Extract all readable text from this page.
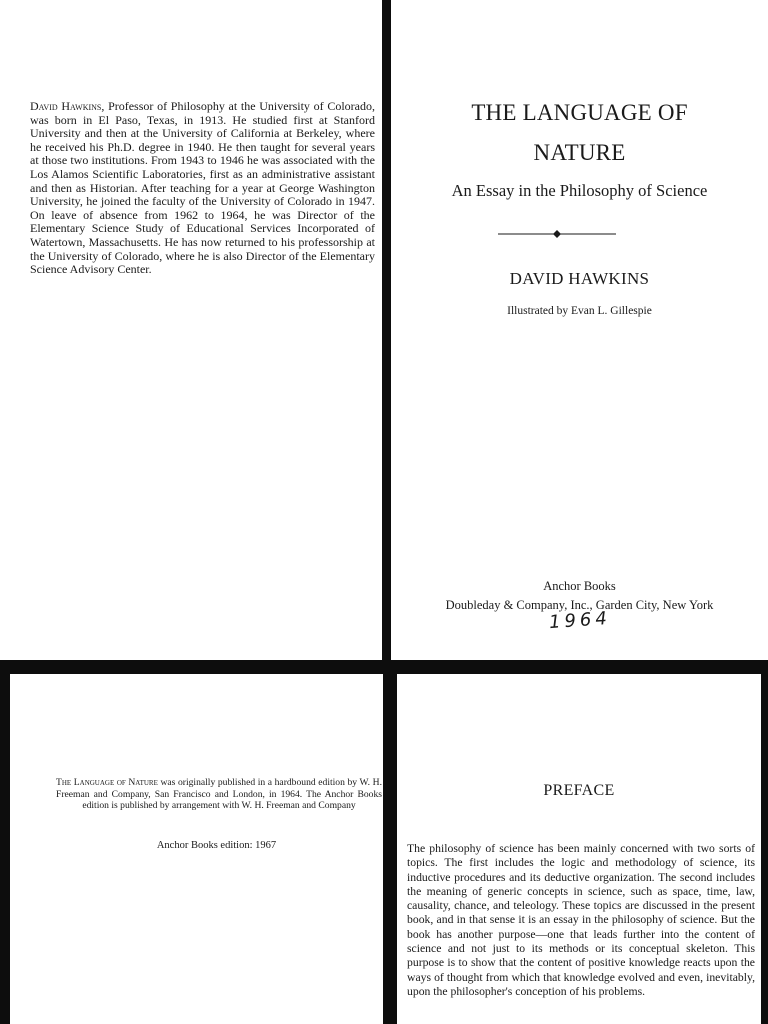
David Hawkins, Professor of Philosophy at the University of Colorado, was born in El Paso, Texas, in 1913. He studied first at Stanford University and then at the University of California at Berkeley, where he received his Ph.D. degree in 1940. He then taught for several years at those two institutions. From 1943 to 1946 he was associated with the Los Alamos Scientific Laboratories, first as an administrative assistant and then as Historian. After teaching for a year at George Washington University, he joined the faculty of the University of Colorado in 1947. On leave of absence from 1962 to 1964, he was Director of the Elementary Science Study of Educational Services Incorporated of Watertown, Massachusetts. He has now returned to his professorship at the University of Colorado, where he is also Director of the Elementary Science Advisory Center.
THE LANGUAGE OF
NATURE
An Essay in the Philosophy of Science
DAVID HAWKINS
Illustrated by Evan L. Gillespie
Anchor Books
Doubleday & Company, Inc., Garden City, New York
1964
The Language of Nature was originally published in a hardbound edition by W. H. Freeman and Company, San Francisco and London, in 1964. The Anchor Books edition is published by arrangement with W. H. Freeman and Company
Anchor Books edition: 1967
PREFACE
The philosophy of science has been mainly concerned with two sorts of topics. The first includes the logic and methodology of science, its inductive procedures and its deductive organization. The second includes the meaning of generic concepts in science, such as space, time, law, causality, chance, and teleology. These topics are discussed in the present book, and in that sense it is an essay in the philosophy of science. But the book has another purpose—one that leads further into the content of science and not just to its methods or its conceptual skeleton. This purpose is to show that the content of positive knowledge reacts upon the ways of thought from which that knowledge evolved and even, inevitably, upon the philosopher's conception of his problems.
